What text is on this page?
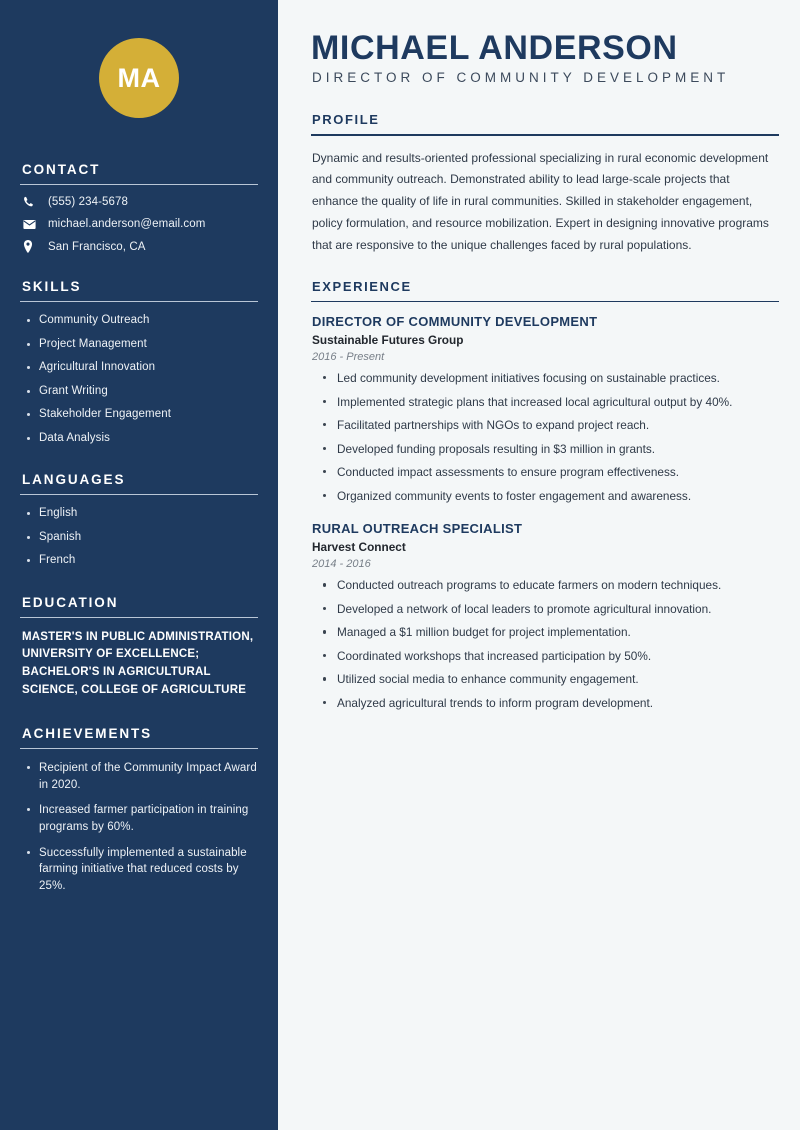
MA
CONTACT
(555) 234-5678
michael.anderson@email.com
San Francisco, CA
SKILLS
Community Outreach
Project Management
Agricultural Innovation
Grant Writing
Stakeholder Engagement
Data Analysis
LANGUAGES
English
Spanish
French
EDUCATION

MASTER'S IN PUBLIC ADMINISTRATION, UNIVERSITY OF EXCELLENCE; BACHELOR'S IN AGRICULTURAL SCIENCE, COLLEGE OF AGRICULTURE

ACHIEVEMENTS
Recipient of the Community Impact Award in 2020.
Increased farmer participation in training programs by 60%.
Successfully implemented a sustainable farming initiative that reduced costs by 25%.
MICHAEL ANDERSON
DIRECTOR OF COMMUNITY DEVELOPMENT
PROFILE

Dynamic and results-oriented professional specializing in rural economic development and community outreach. Demonstrated ability to lead large-scale projects that enhance the quality of life in rural communities. Skilled in stakeholder engagement, policy formulation, and resource mobilization. Expert in designing innovative programs that are responsive to the unique challenges faced by rural populations.

EXPERIENCE
DIRECTOR OF COMMUNITY DEVELOPMENT
Sustainable Futures Group
2016 - Present
Led community development initiatives focusing on sustainable practices.
Implemented strategic plans that increased local agricultural output by 40%.
Facilitated partnerships with NGOs to expand project reach.
Developed funding proposals resulting in $3 million in grants.
Conducted impact assessments to ensure program effectiveness.
Organized community events to foster engagement and awareness.
RURAL OUTREACH SPECIALIST
Harvest Connect
2014 - 2016
Conducted outreach programs to educate farmers on modern techniques.
Developed a network of local leaders to promote agricultural innovation.
Managed a $1 million budget for project implementation.
Coordinated workshops that increased participation by 50%.
Utilized social media to enhance community engagement.
Analyzed agricultural trends to inform program development.
